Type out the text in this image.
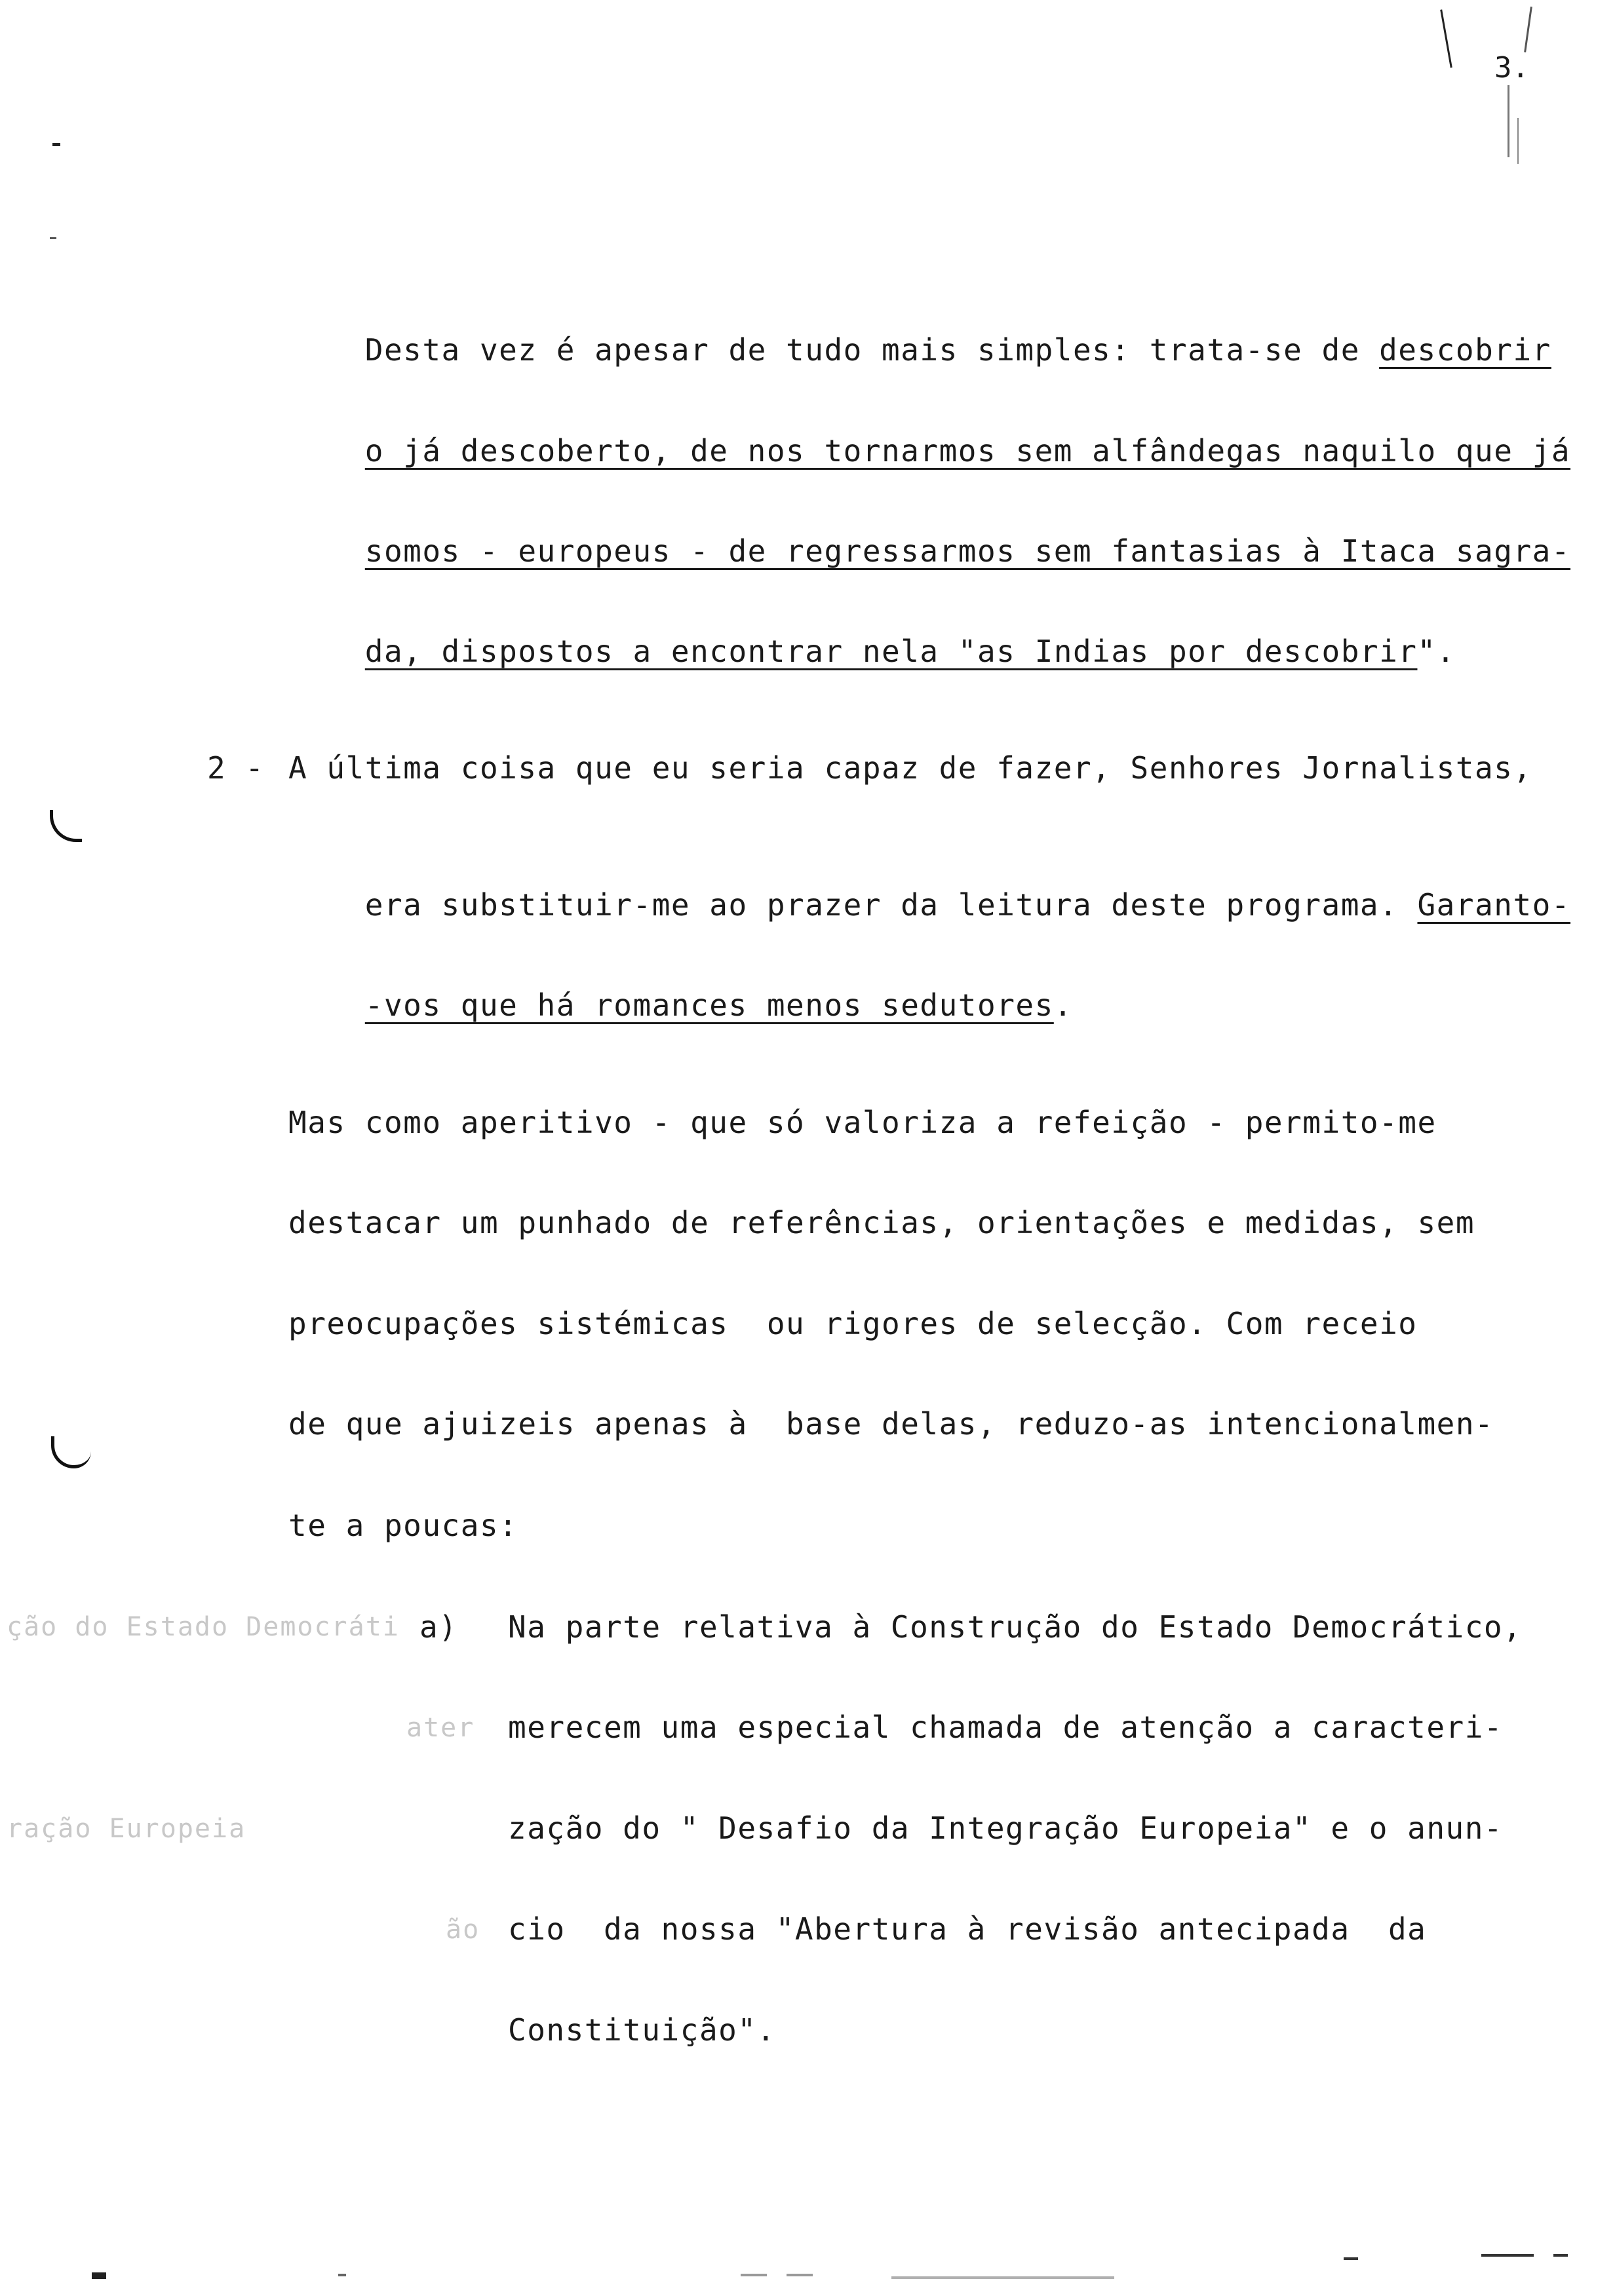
3.

Desta vez é apesar de tudo mais simples: trata-se de descobrir

o já descoberto, de nos tornarmos sem alfândegas naquilo que já

somos - europeus - de regressarmos sem fantasias à Itaca sagra-

da, dispostos a encontrar nela "as Indias por descobrir".

2 - A última coisa que eu seria capaz de fazer, Senhores Jornalistas,

era substituir-me ao prazer da leitura deste programa. Garanto-

-vos que há romances menos sedutores.

Mas como aperitivo - que só valoriza a refeição - permito-me
destacar um punhado de referências, orientações e medidas, sem
preocupações sistémicas  ou rigores de selecção. Com receio
de que ajuizeis apenas à  base delas, reduzo-as intencionalmen-
te a poucas:
ção do Estado Democráti
ater
ração Europeia
ão
a) Na parte relativa à Construção do Estado Democrático,
merecem uma especial chamada de atenção a caracteri-
zação do " Desafio da Integração Europeia" e o anun-
cio  da nossa "Abertura à revisão antecipada  da
Constituição".
